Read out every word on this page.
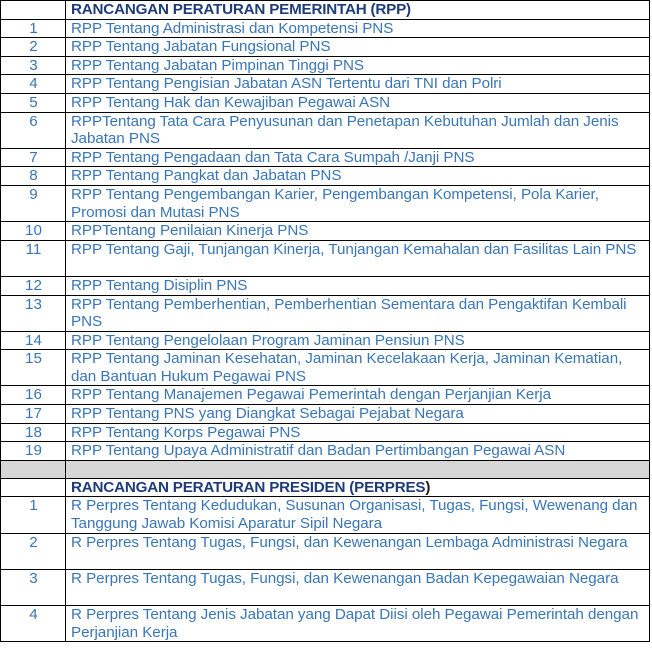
	RANCANGAN PERATURAN PEMERINTAH (RPP)
1	RPP Tentang Administrasi dan Kompetensi PNS
2	RPP Tentang Jabatan Fungsional PNS
3	RPP Tentang Jabatan Pimpinan Tinggi PNS
4	RPP Tentang Pengisian Jabatan ASN Tertentu dari TNI dan Polri
5	RPP Tentang Hak dan Kewajiban Pegawai ASN
6	RPPTentang Tata Cara Penyusunan dan Penetapan Kebutuhan Jumlah dan Jenis Jabatan PNS
7	RPP Tentang Pengadaan dan Tata Cara Sumpah /Janji PNS
8	RPP Tentang Pangkat dan Jabatan PNS
9	RPP Tentang Pengembangan Karier, Pengembangan Kompetensi, Pola Karier, Promosi dan Mutasi PNS
10	RPPTentang Penilaian Kinerja PNS
11	RPP Tentang Gaji, Tunjangan Kinerja, Tunjangan Kemahalan dan Fasilitas Lain PNS
12	RPP Tentang Disiplin PNS
13	RPP Tentang Pemberhentian, Pemberhentian Sementara dan Pengaktifan Kembali PNS
14	RPP Tentang Pengelolaan Program Jaminan Pensiun PNS
15	RPP Tentang Jaminan Kesehatan, Jaminan Kecelakaan Kerja, Jaminan Kematian, dan Bantuan Hukum Pegawai PNS
16	RPP Tentang Manajemen Pegawai Pemerintah dengan Perjanjian Kerja
17	RPP Tentang PNS yang Diangkat Sebagai Pejabat Negara
18	RPP Tentang Korps Pegawai PNS
19	RPP Tentang Upaya Administratif dan Badan Pertimbangan Pegawai ASN

	RANCANGAN PERATURAN PRESIDEN (PERPRES)
1	R Perpres Tentang Kedudukan, Susunan Organisasi, Tugas, Fungsi, Wewenang dan Tanggung Jawab Komisi Aparatur Sipil Negara
2	R Perpres Tentang Tugas, Fungsi, dan Kewenangan Lembaga Administrasi Negara
3	R Perpres Tentang Tugas, Fungsi, dan Kewenangan Badan Kepegawaian Negara
4	R Perpres Tentang Jenis Jabatan yang Dapat Diisi oleh Pegawai Pemerintah dengan Perjanjian Kerja
